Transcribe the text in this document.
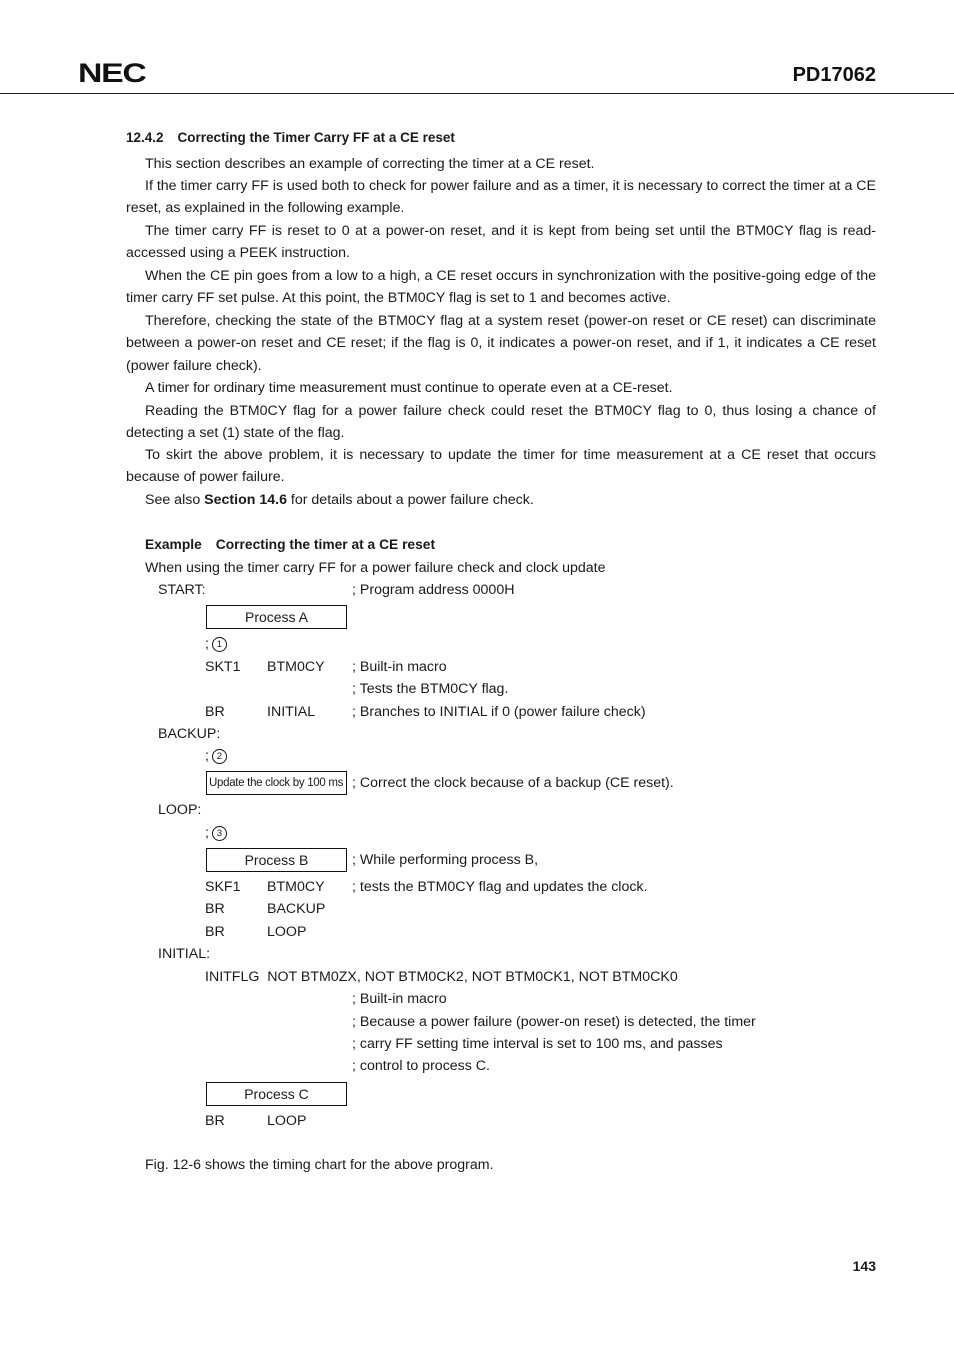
NEC	PD17062
12.4.2 Correcting the Timer Carry FF at a CE reset

This section describes an example of correcting the timer at a CE reset.

If the timer carry FF is used both to check for power failure and as a timer, it is necessary to correct the timer at a CE reset, as explained in the following example.

The timer carry FF is reset to 0 at a power-on reset, and it is kept from being set until the BTM0CY flag is read-accessed using a PEEK instruction.

When the CE pin goes from a low to a high, a CE reset occurs in synchronization with the positive-going edge of the timer carry FF set pulse. At this point, the BTM0CY flag is set to 1 and becomes active.

Therefore, checking the state of the BTM0CY flag at a system reset (power-on reset or CE reset) can discriminate between a power-on reset and CE reset; if the flag is 0, it indicates a power-on reset, and if 1, it indicates a CE reset (power failure check).

A timer for ordinary time measurement must continue to operate even at a CE-reset.

Reading the BTM0CY flag for a power failure check could reset the BTM0CY flag to 0, thus losing a chance of detecting a set (1) state of the flag.

To skirt the above problem, it is necessary to update the timer for time measurement at a CE reset that occurs because of power failure.

See also Section 14.6 for details about a power failure check.

Example Correcting the timer at a CE reset
When using the timer carry FF for a power failure check and clock update
START:	; Program address 0000H
Process A
; 1
SKT1 BTM0CY ; Built-in macro
; Tests the BTM0CY flag.
BR	INITIAL	; Branches to INITIAL if 0 (power failure check)
BACKUP:
; 2
Update the clock by 100 ms ; Correct the clock because of a backup (CE reset).
LOOP:
; 3
Process B	; While performing process B,
SKF1 BTM0CY ; tests the BTM0CY flag and updates the clock.
BR	BACKUP
BR	LOOP
INITIAL:
INITFLG  NOT BTM0ZX, NOT BTM0CK2, NOT BTM0CK1, NOT BTM0CK0
; Built-in macro
; Because a power failure (power-on reset) is detected, the timer
; carry FF setting time interval is set to 100 ms, and passes
; control to process C.
Process C
BR	LOOP
Fig. 12-6 shows the timing chart for the above program.
143
